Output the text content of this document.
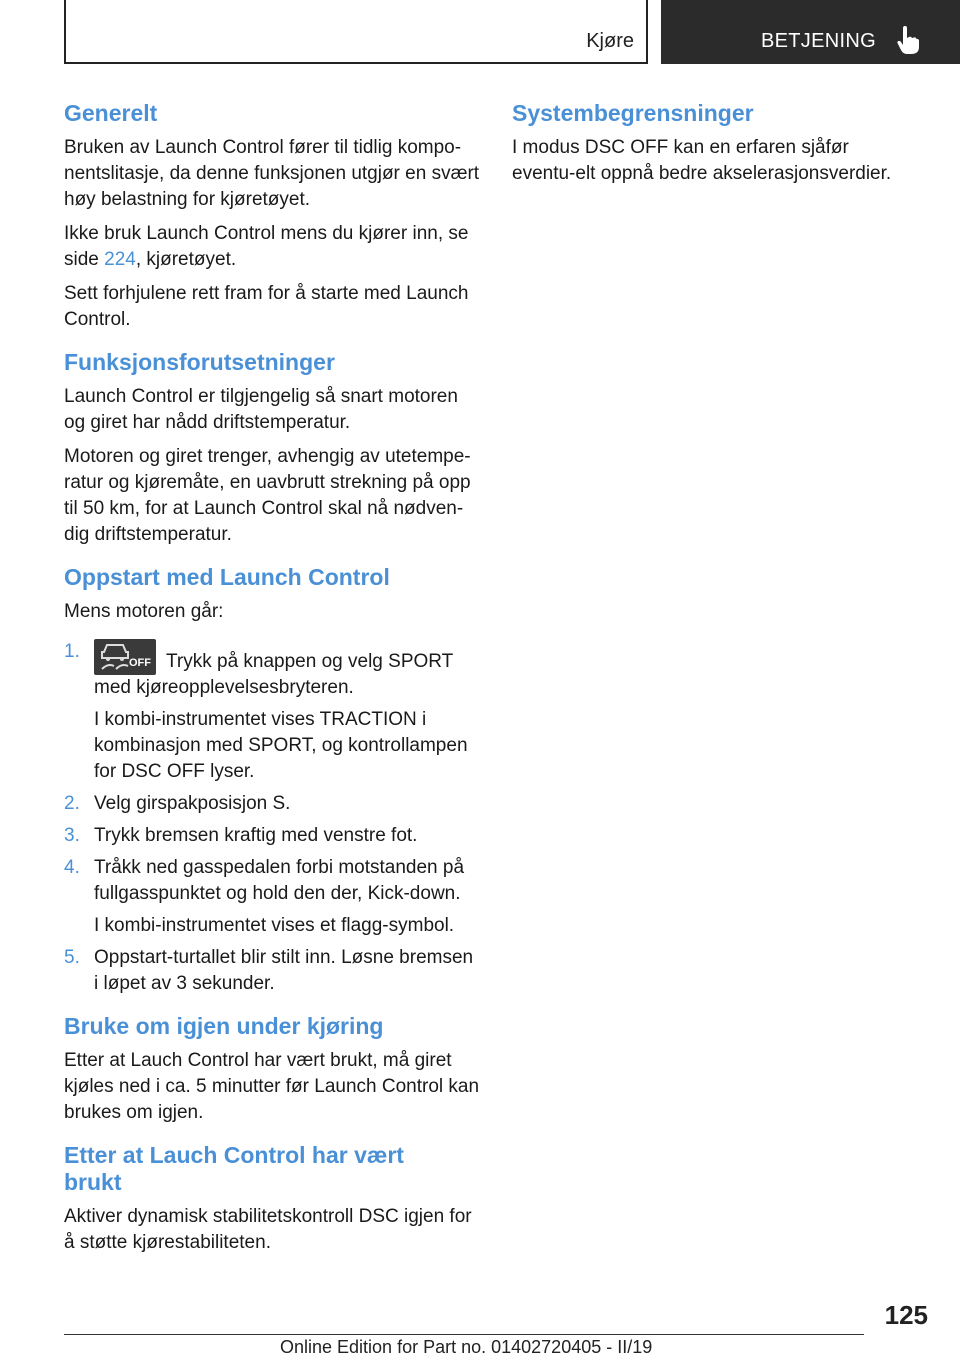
Kjøre	BETJENING
Generelt

Bruken av Launch Control fører til tidlig kompo-nentslitasje, da denne funksjonen utgjør en svært høy belastning for kjøretøyet.

Ikke bruk Launch Control mens du kjører inn, se side 224, kjøretøyet.

Sett forhjulene rett fram for å starte med Launch Control.

Funksjonsforutsetninger

Launch Control er tilgjengelig så snart motoren og giret har nådd driftstemperatur.

Motoren og giret trenger, avhengig av utetempe-ratur og kjøremåte, en uavbrutt strekning på opp til 50 km, for at Launch Control skal nå nødven-dig driftstemperatur.

Oppstart med Launch Control

Mens motoren går:

1.

OFF Trykk på knappen og velg SPORT med kjøreopplevelsesbryteren.

I kombi-instrumentet vises TRACTION i kombinasjon med SPORT, og kontrollampen for DSC OFF lyser.

2. Velg girspakposisjon S.

3. Trykk bremsen kraftig med venstre fot.

4. Tråkk ned gasspedalen forbi motstanden på fullgasspunktet og hold den der, Kick-down.

I kombi-instrumentet vises et flagg-symbol.

5. Oppstart-turtallet blir stilt inn. Løsne bremsen i løpet av 3 sekunder.

Bruke om igjen under kjøring

Etter at Lauch Control har vært brukt, må giret kjøles ned i ca. 5 minutter før Launch Control kan brukes om igjen.

Etter at Lauch Control har vært brukt

Aktiver dynamisk stabilitetskontroll DSC igjen for å støtte kjørestabiliteten.

Systembegrensninger

I modus DSC OFF kan en erfaren sjåfør eventu-elt oppnå bedre akselerasjonsverdier.

125
Online Edition for Part no. 01402720405 - II/19
